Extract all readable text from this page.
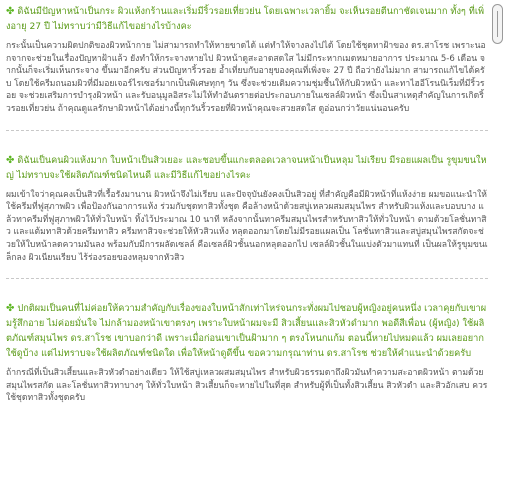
✤ ดิฉันมีปัญหาหน้าเป็นกระ ผิวแห้งกร้านและเริ่มมีริ้วรอยเที่ยวย่น โดยเฉพาะเวลายิ้ม จะเห็นรอยตีนกาชัดเจนมาก ทั้งๆ ที่เพิ่งอายุ 27 ปี ไม่ทราบว่ามีวิธีแก้ไขอย่างไรบ้างคะ

กระนั้นเป็นความผิดปกติของผิวหน้ากาย ไม่สามารถทำให้หายขาดได้ แต่ทำให้จางลงไปได้ โดยใช้ชุดทาฝ้าของ ดร.สาโรช เพราะนอกจากจะช่วยในเรื่องปัญหาฝ้าแล้ว ยังทำให้กระจางหายไป ผิวหน้าดูสะอาดสดใส ไม่มีกระหากเมดหมายอาการ ประมาณ 5-6 เดือน จากนั้นก็จะเริ่มเห็นกระจาง ขึ้นมาอีกครับ ส่วนปัญหาริ้วรอย อ้ำเที่ยบกับอายุของคุณที่เพิ่งจะ 27 ปี ถือว่ายังไม่มาก สามารถแก้ไขได้ครับ โดยใช้ครีมถนอมผิวที่มีมอยเจอร์ไรเซอร์มากเป็นพิเศษทุกๆ วัน ซึ่งจะช่วยเติมความชุ่มชื้นให้กับผิวหน้า และทาไฮอีโรนนิเร็มที่มีริ้วรอย จะช่วยเสริมการบำรุงผิวหน้า และรับอนุมูลอิสระไม่ให้ทำอันตรายต่อประกอบภายในเซลล์ผิวหน้า ซึ่งเป็นสาเหตุสำคัญในการเกิดริ้วรอยเที่ยวย่น ถ้าคุณดูแลรักษาผิวหน้าได้อย่างนี้ทุกวันริ้วรอยที่ผิวหน้าคุณจะสวยสดใส ดูอ่อนกว่าวัยแน่นอนครับ

✤ ดิฉันเป็นคนผิวแห้งมาก ใบหน้าเป็นสิวเยอะ และชอบขึ้นแกะตลอดเวลาจนหน้าเป็นหลุม ไม่เรียบ มีรอยแผลเป็น รูขุมขนใหญ่ ไม่ทราบจะใช้ผลิตภัณฑ์ชนิดไหนดี และมีวิธีแก้ไขอย่างไรคะ

ผมเข้าใจว่าคุณคงเป็นสิวที่เรื้อรังมานาน ผิวหน้าจึงไม่เรียบ และปัจจุบันยังคงเป็นสิวอยู่ ที่สำคัญคือมีผิวหน้าที่แห้งง่าย ผมขอแนะนำให้ใช้ครีมที่ฟูสุภาพผิว เพื่อป้องกันอาการแห้ง ร่วมกับชุดทาสิวทั้งชุด คือล้างหน้าด้วยสบู่เหลวผสมสมุนไพร สำหรับผิวแห้งและบอบบาง แล้วทาครีมที่ฟูสุภาพผิวให้ทั่วใบหน้า ทิ้งไว้ประมาณ 10 นาที หลังจากนั้นทาครีมสมุนไพรสำหรับทาสิวให้ทั่วใบหน้า ตามด้วยโลชั่นทาสิว และแต้มทาสิวด้วยครีมทาสิว ครีมทาสิวจะช่วยให้หัวสิวแห้ง หลุดออกมาโดยไม่มีรอยแผลเป็น โลชั่นทาสิวและสบู่สมุนไพรสกัดจะช่วยให้ใบหน้าลดความมันลง พร้อมกับมีการผลัดเซลล์ คือเซลล์ผิวชั้นนอกหลุดออกไป เซลล์ผิวชั้นในแบ่งตัวมาแทนที่ เป็นผลให้รูขุมขนเล็กลง ผิวเนียนเรียบ ไร้ร่องรอยของหลุมจากหัวสิว

✤ ปกติผมเป็นคนที่ไม่ค่อยให้ความสำคัญกับเรื่องของใบหน้าสักเท่าไหร่จนกระทั่งผมไปชอบผู้หญิงอยู่คนหนึ่ง เวลาคุยกับเขาผมรู้สึกอาย ไม่ค่อยมั่นใจ ไม่กล้ามองหน้าเขาตรงๆ เพราะใบหน้าผมจะมี สิวเสี้ยนและสิวหัวดำมาก พอดีสีเพื่อน (ผู้หญิง) ใช้ผลิตภัณฑ์สมุนไพร ดร.สาโรช เขาบอกว่าดี เพราะเมื่อก่อนเขาเป็นฝ้ามาก ๆ ตรงโหนกแก้ม ตอนนี้หายไปหมดแล้ว ผมเลยอยากใช้ดูบ้าง แต่ไม่ทราบจะใช้ผลิตภัณฑ์ชนิดใด เพื่อให้หน้าดูดีขึ้น ขอความกรุณาท่าน ดร.สาโรช ช่วยให้คำแนะนำด้วยครับ

ถ้ากรณีที่เป็นสิวเสี้ยนและสิวหัวดำอย่างเดียว ให้ใช้สบู่เหลวผสมสมุนไพร สำหรับผิวธรรมดาถึงผิวมันทำความสะอาดผิวหน้า ตามด้วยสมุนไพรสกัด และโลชั่นทาสิวทาบางๆ ให้ทั่วใบหน้า สิวเสี้ยนก็จะหายไปในที่สุด สำหรับผู้ที่เป็นทั้งสิวเสี้ยน สิวหัวดำ และสิวอักเสบ ควรใช้ชุดทาสิวทั้งชุดครับ
